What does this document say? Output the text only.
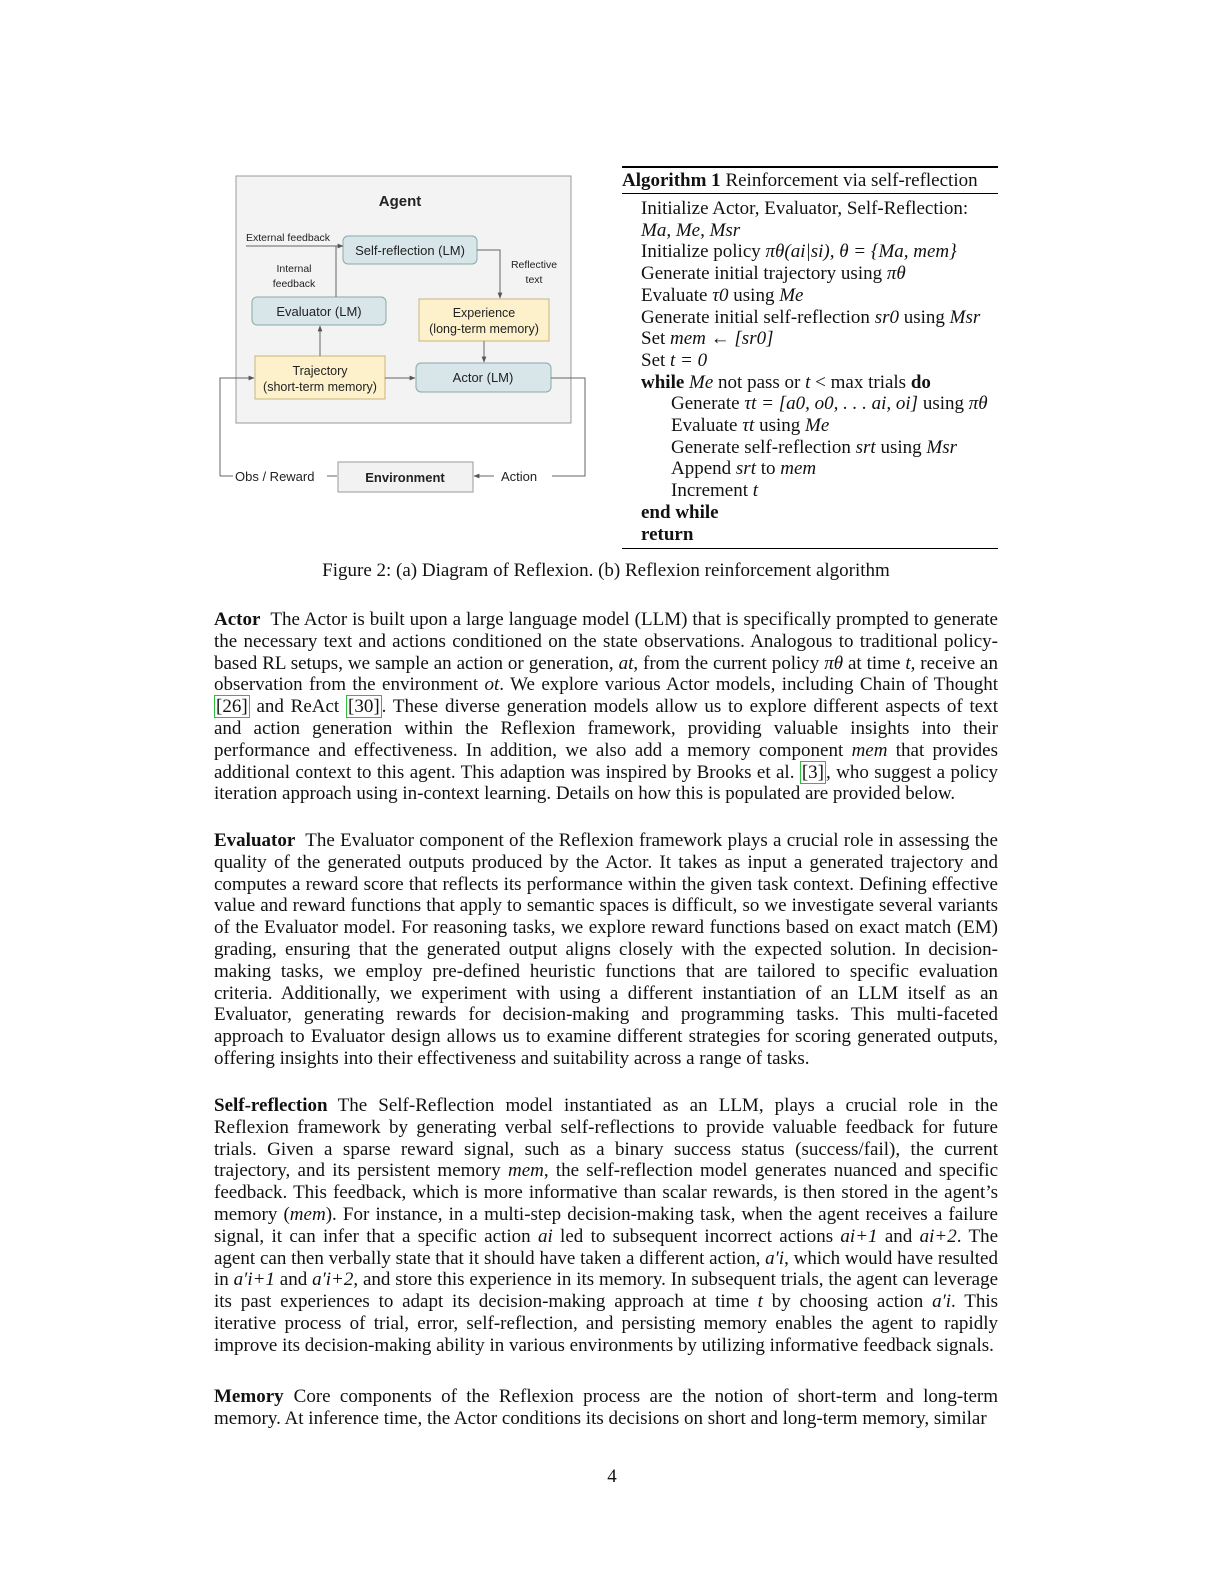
Agent
Self-reflection (LM)
Evaluator (LM)	Experience
(long-term memory)
Trajectory
(short-term memory)
Actor (LM)
Environment
External feedback
Internal
feedback
Reflective
text
Obs / Reward	Action
Algorithm 1 Reinforcement via self-reflection
Initialize Actor, Evaluator, Self-Reflection:
Ma, Me, Msr
Initialize policy πθ(ai|si), θ = {Ma, mem}
Generate initial trajectory using πθ
Evaluate τ0 using Me
Generate initial self-reflection sr0 using Msr
Set mem ← [sr0]
Set t = 0
while Me not pass or t < max trials do
Generate τt = [a0, o0, . . . ai, oi] using πθ
Evaluate τt using Me
Generate self-reflection srt using Msr
Append srt to mem
Increment t
end while
return
Figure 2: (a) Diagram of Reflexion. (b) Reflexion reinforcement algorithm
Actor The Actor is built upon a large language model (LLM) that is specifically prompted to generate the necessary text and actions conditioned on the state observations. Analogous to traditional policy-based RL setups, we sample an action or generation, at, from the current policy πθ at time t, receive an observation from the environment ot. We explore various Actor models, including Chain of Thought [26] and ReAct [30] . These diverse generation models allow us to explore different aspects of text and action generation within the Reflexion framework, providing valuable insights into their performance and effectiveness. In addition, we also add a memory component mem that provides additional context to this agent. This adaption was inspired by Brooks et al. [3] , who suggest a policy iteration approach using in-context learning. Details on how this is populated are provided below.
Evaluator The Evaluator component of the Reflexion framework plays a crucial role in assessing the quality of the generated outputs produced by the Actor. It takes as input a generated trajectory and computes a reward score that reflects its performance within the given task context. Defining effective value and reward functions that apply to semantic spaces is difficult, so we investigate several variants of the Evaluator model. For reasoning tasks, we explore reward functions based on exact match (EM) grading, ensuring that the generated output aligns closely with the expected solution. In decision-making tasks, we employ pre-defined heuristic functions that are tailored to specific evaluation criteria. Additionally, we experiment with using a different instantiation of an LLM itself as an Evaluator, generating rewards for decision-making and programming tasks. This multi-faceted approach to Evaluator design allows us to examine different strategies for scoring generated outputs, offering insights into their effectiveness and suitability across a range of tasks.
Self-reflection The Self-Reflection model instantiated as an LLM, plays a crucial role in the Reflexion framework by generating verbal self-reflections to provide valuable feedback for future trials. Given a sparse reward signal, such as a binary success status (success/fail), the current trajectory, and its persistent memory mem, the self-reflection model generates nuanced and specific feedback. This feedback, which is more informative than scalar rewards, is then stored in the agent’s memory (mem). For instance, in a multi-step decision-making task, when the agent receives a failure signal, it can infer that a specific action ai led to subsequent incorrect actions ai+1 and ai+2. The agent can then verbally state that it should have taken a different action, a′i, which would have resulted in a′i+1 and a′i+2, and store this experience in its memory. In subsequent trials, the agent can leverage its past experiences to adapt its decision-making approach at time t by choosing action a′i. This iterative process of trial, error, self-reflection, and persisting memory enables the agent to rapidly improve its decision-making ability in various environments by utilizing informative feedback signals.
Memory Core components of the Reflexion process are the notion of short-term and long-term memory. At inference time, the Actor conditions its decisions on short and long-term memory, similar
4
